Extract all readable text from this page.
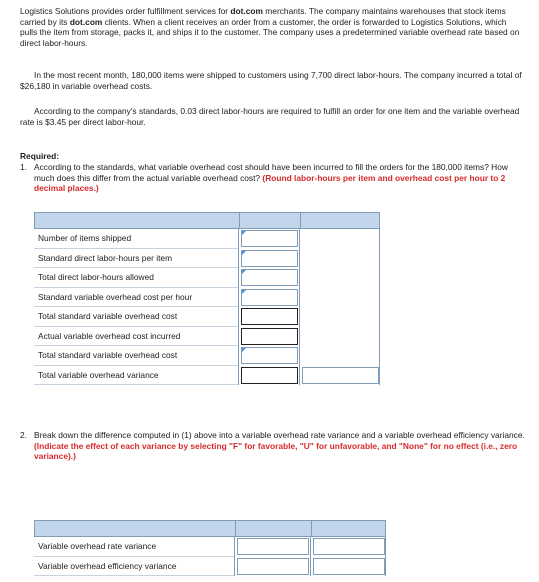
Logistics Solutions provides order fulfillment services for dot.com merchants. The company maintains warehouses that stock items carried by its dot.com clients. When a client receives an order from a customer, the order is forwarded to Logistics Solutions, which pulls the item from storage, packs it, and ships it to the customer. The company uses a predetermined variable overhead rate based on direct labor-hours.

In the most recent month, 180,000 items were shipped to customers using 7,700 direct labor-hours. The company incurred a total of $26,180 in variable overhead costs.

According to the company's standards, 0.03 direct labor-hours are required to fulfill an order for one item and the variable overhead rate is $3.45 per direct labor-hour.

Required:
1. According to the standards, what variable overhead cost should have been incurred to fill the orders for the 180,000 items? How much does this differ from the actual variable overhead cost? (Round labor-hours per item and overhead cost per hour to 2 decimal places.)
Number of items shipped
Standard direct labor-hours per item
Total direct labor-hours allowed
Standard variable overhead cost per hour
Total standard variable overhead cost
Actual variable overhead cost incurred
Total standard variable overhead cost
Total variable overhead variance
2. Break down the difference computed in (1) above into a variable overhead rate variance and a variable overhead efficiency variance. (Indicate the effect of each variance by selecting "F" for favorable, "U" for unfavorable, and "None" for no effect (i.e., zero variance).)
Variable overhead rate variance
Variable overhead efficiency variance
